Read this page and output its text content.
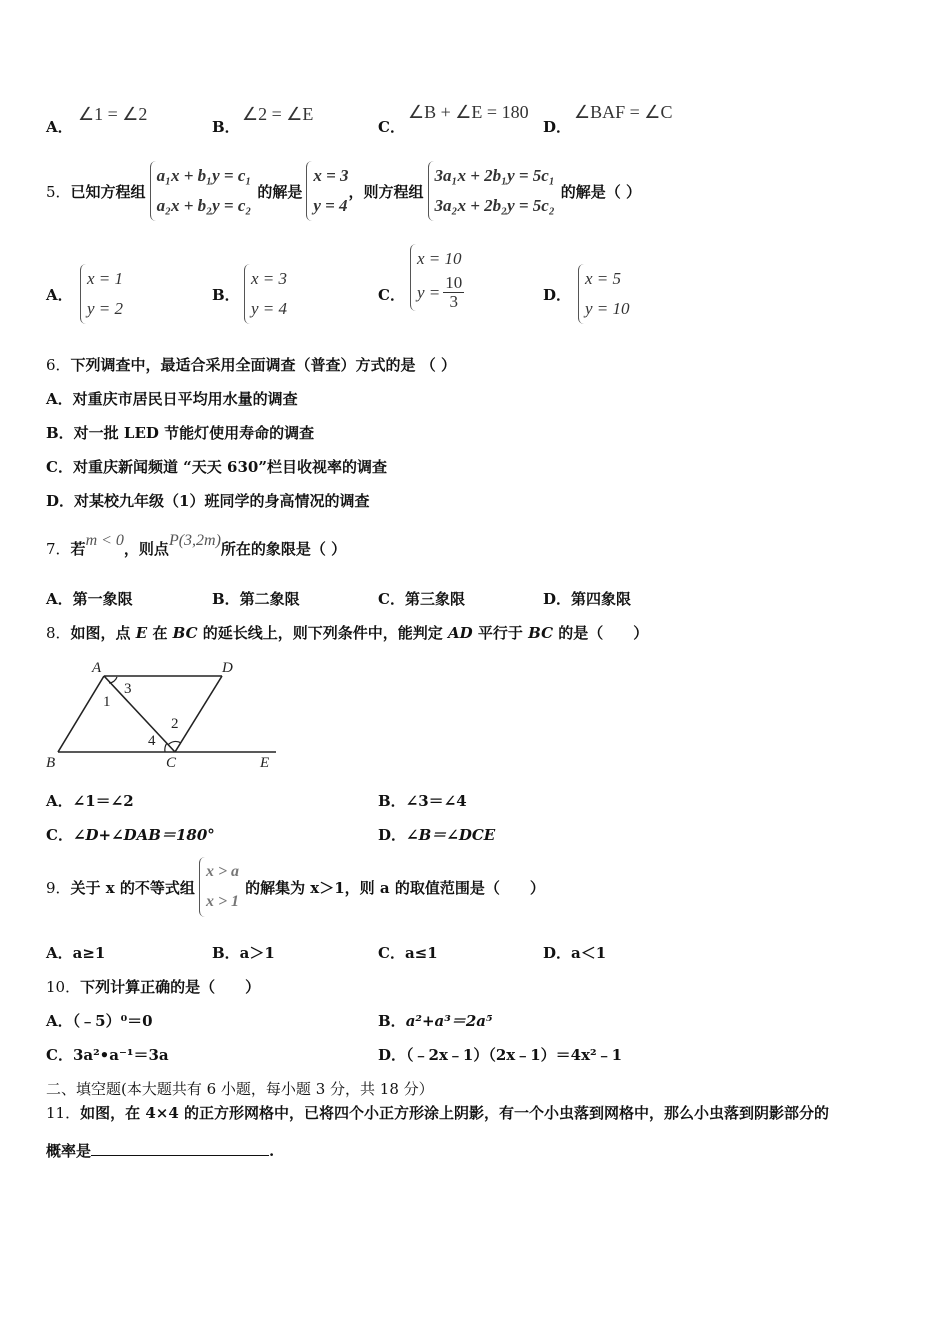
A．
∠1 = ∠2
B．
∠2 = ∠E
C．
∠B + ∠E = 180
D．
∠BAF = ∠C
5． 已知方程组
a₁x + b₁y = c₁
a₂x + b₂y = c₂
的解是
x = 3
y = 4
，则方程组
3a₁x + 2b₁y = 5c₁
3a₂x + 2b₂y = 5c₂
的解是（ ）
A．
x = 1
y = 2
B．
x = 3
y = 4
C．
x = 10
$y = \frac{10}{3}$	D．
x = 5
y = 10
6．下列调查中，最适合采用全面调查（普查）方式的是 （ ）
A．对重庆市居民日平均用水量的调查
B．对一批 LED 节能灯使用寿命的调查
C．对重庆新闻频道 “天天 630”栏目收视率的调查
D．对某校九年级（1）班同学的身高情况的调查
7． 若 m < 0 ，则点 P(3,2m) 所在的象限是（ ）
A．第一象限	B．第二象限	C．第三象限	D．第四象限
8．如图，点 E 在 BC 的延长线上，则下列条件中，能判定 AD 平行于 BC 的是（　　）
A	D
B	C	E
1
3
2
4
A．∠1＝∠2	B．∠3＝∠4
C．∠D+∠DAB＝180°	D．∠B＝∠DCE
9． 关于 x 的不等式组
x > a
x > 1
的解集为 x＞1，则 a 的取值范围是（　　）
A．a≥1	B．a＞1	C．a≤1	D．a＜1
10．下列计算正确的是（　　）
A．（﹣5）⁰＝0	B．a²+a³＝2a⁵
C．3a²•a⁻¹＝3a	D．（﹣2x﹣1）（2x﹣1）＝4x²﹣1
二、填空题(本大题共有 6 小题，每小题 3 分，共 18 分）
11．如图，在 4×4 的正方形网格中，已将四个小正方形涂上阴影，有一个小虫落到网格中，那么小虫落到阴影部分的
概率是	.
